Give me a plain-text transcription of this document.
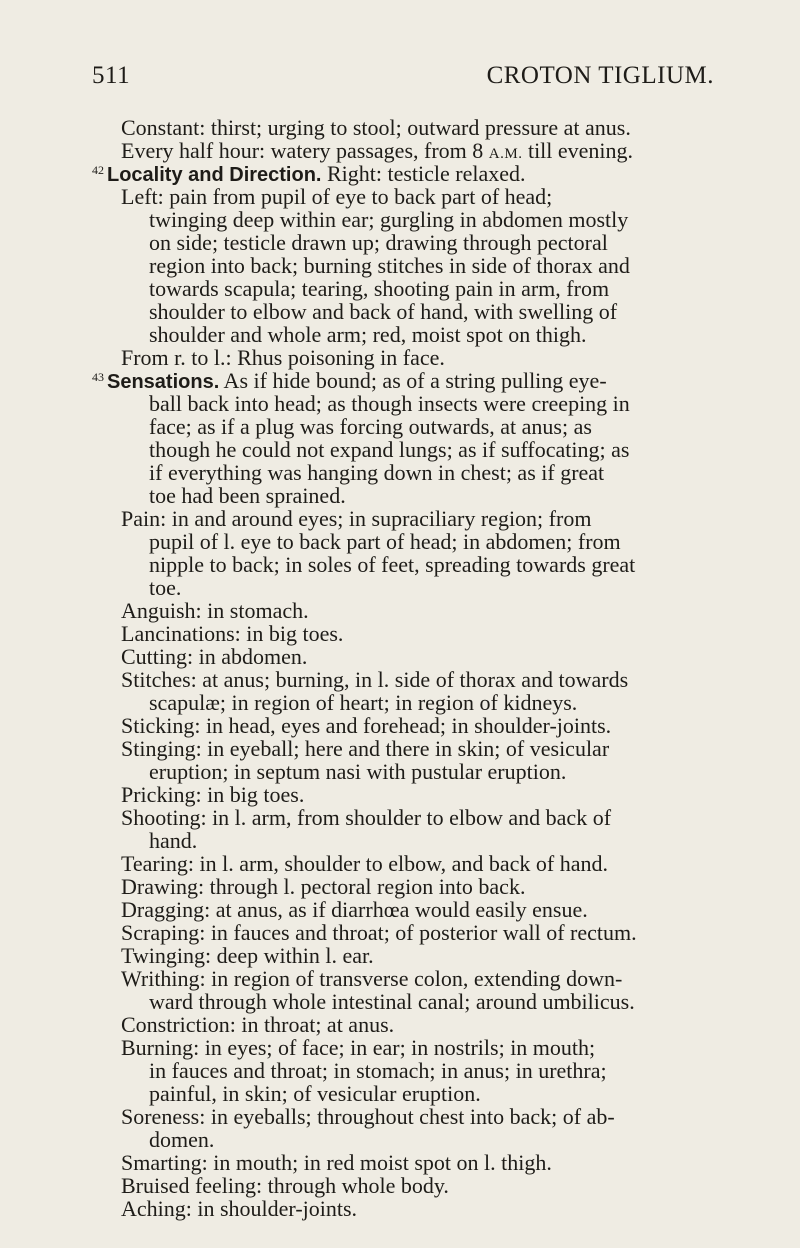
511	CROTON TIGLIUM.
Constant: thirst; urging to stool; outward pressure at anus.
Every half hour: watery passages, from 8 A.M. till evening.
$^{42}$ Locality and Direction. Right: testicle relaxed.
Left: pain from pupil of eye to back part of head;
twinging deep within ear; gurgling in abdomen mostly
on side; testicle drawn up; drawing through pectoral
region into back; burning stitches in side of thorax and
towards scapula; tearing, shooting pain in arm, from
shoulder to elbow and back of hand, with swelling of
shoulder and whole arm; red, moist spot on thigh.
From r. to l.: Rhus poisoning in face.
$^{43}$ Sensations. As if hide bound; as of a string pulling eye-
ball back into head; as though insects were creeping in
face; as if a plug was forcing outwards, at anus; as
though he could not expand lungs; as if suffocating; as
if everything was hanging down in chest; as if great
toe had been sprained.
Pain: in and around eyes; in supraciliary region; from
pupil of l. eye to back part of head; in abdomen; from
nipple to back; in soles of feet, spreading towards great
toe.
Anguish: in stomach.
Lancinations: in big toes.
Cutting: in abdomen.
Stitches: at anus; burning, in l. side of thorax and towards
scapulæ; in region of heart; in region of kidneys.
Sticking: in head, eyes and forehead; in shoulder-joints.
Stinging: in eyeball; here and there in skin; of vesicular
eruption; in septum nasi with pustular eruption.
Pricking: in big toes.
Shooting: in l. arm, from shoulder to elbow and back of
hand.
Tearing: in l. arm, shoulder to elbow, and back of hand.
Drawing: through l. pectoral region into back.
Dragging: at anus, as if diarrhœa would easily ensue.
Scraping: in fauces and throat; of posterior wall of rectum.
Twinging: deep within l. ear.
Writhing: in region of transverse colon, extending down-
ward through whole intestinal canal; around umbilicus.
Constriction: in throat; at anus.
Burning: in eyes; of face; in ear; in nostrils; in mouth;
in fauces and throat; in stomach; in anus; in urethra;
painful, in skin; of vesicular eruption.
Soreness: in eyeballs; throughout chest into back; of ab-
domen.
Smarting: in mouth; in red moist spot on l. thigh.
Bruised feeling: through whole body.
Aching: in shoulder-joints.
